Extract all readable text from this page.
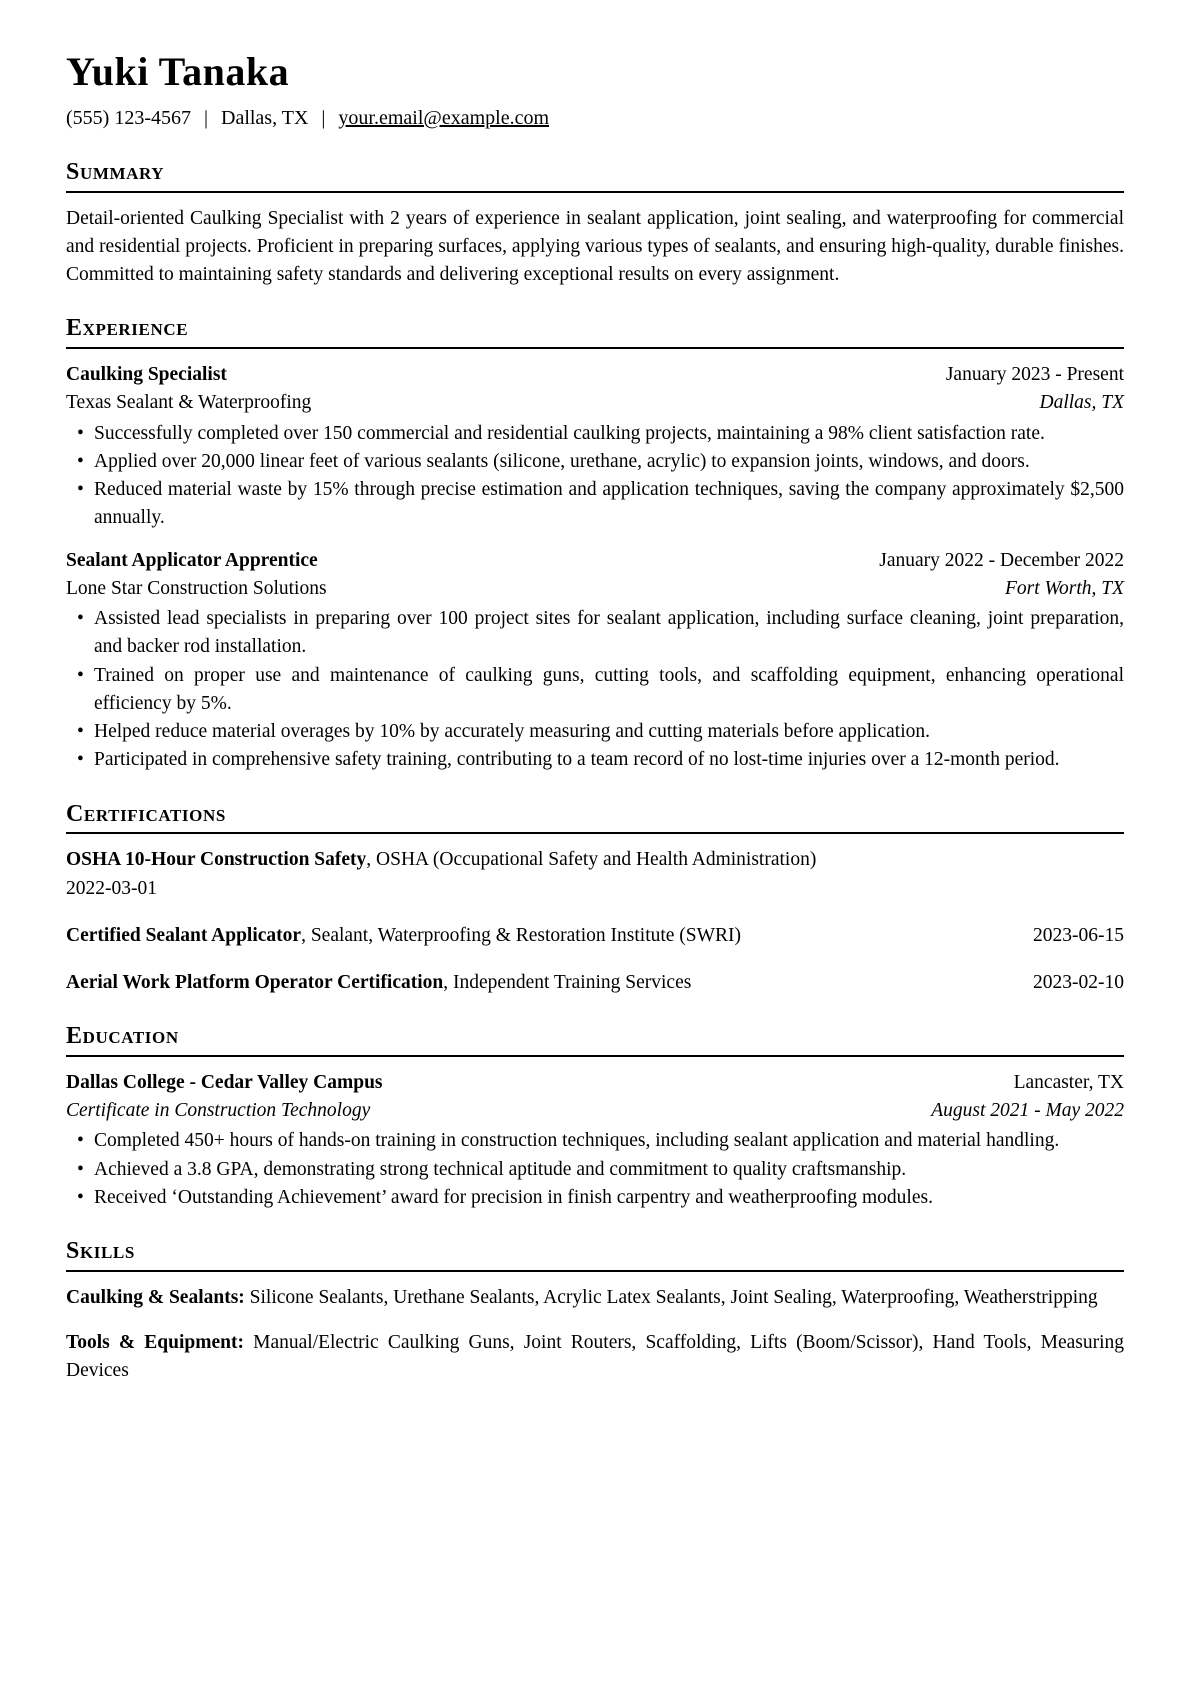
Yuki Tanaka
(555) 123-4567 | Dallas, TX | your.email@example.com
Summary

Detail-oriented Caulking Specialist with 2 years of experience in sealant application, joint sealing, and waterproofing for commercial and residential projects. Proficient in preparing surfaces, applying various types of sealants, and ensuring high-quality, durable finishes. Committed to maintaining safety standards and delivering exceptional results on every assignment.

Experience
Caulking Specialist	January 2023 - Present
Texas Sealant & Waterproofing	Dallas, TX
• Successfully completed over 150 commercial and residential caulking projects, maintaining a 98% client satisfaction rate.
• Applied over 20,000 linear feet of various sealants (silicone, urethane, acrylic) to expansion joints, windows, and doors.
• Reduced material waste by 15% through precise estimation and application techniques, saving the company approximately $2,500 annually.
Sealant Applicator Apprentice	January 2022 - December 2022
Lone Star Construction Solutions	Fort Worth, TX
• Assisted lead specialists in preparing over 100 project sites for sealant application, including surface cleaning, joint preparation, and backer rod installation.
• Trained on proper use and maintenance of caulking guns, cutting tools, and scaffolding equipment, enhancing operational efficiency by 5%.
• Helped reduce material overages by 10% by accurately measuring and cutting materials before application.
• Participated in comprehensive safety training, contributing to a team record of no lost-time injuries over a 12-month period.
Certifications
OSHA 10-Hour Construction Safety, OSHA (Occupational Safety and Health Administration)
2022-03-01
Certified Sealant Applicator, Sealant, Waterproofing & Restoration Institute (SWRI)	2023-06-15
Aerial Work Platform Operator Certification, Independent Training Services	2023-02-10
Education
Dallas College - Cedar Valley Campus	Lancaster, TX
Certificate in Construction Technology	August 2021 - May 2022
• Completed 450+ hours of hands-on training in construction techniques, including sealant application and material handling.
• Achieved a 3.8 GPA, demonstrating strong technical aptitude and commitment to quality craftsmanship.
• Received ‘Outstanding Achievement’ award for precision in finish carpentry and weatherproofing modules.
Skills

Caulking & Sealants: Silicone Sealants, Urethane Sealants, Acrylic Latex Sealants, Joint Sealing, Waterproofing, Weatherstripping

Tools & Equipment: Manual/Electric Caulking Guns, Joint Routers, Scaffolding, Lifts (Boom/Scissor), Hand Tools, Measuring Devices
